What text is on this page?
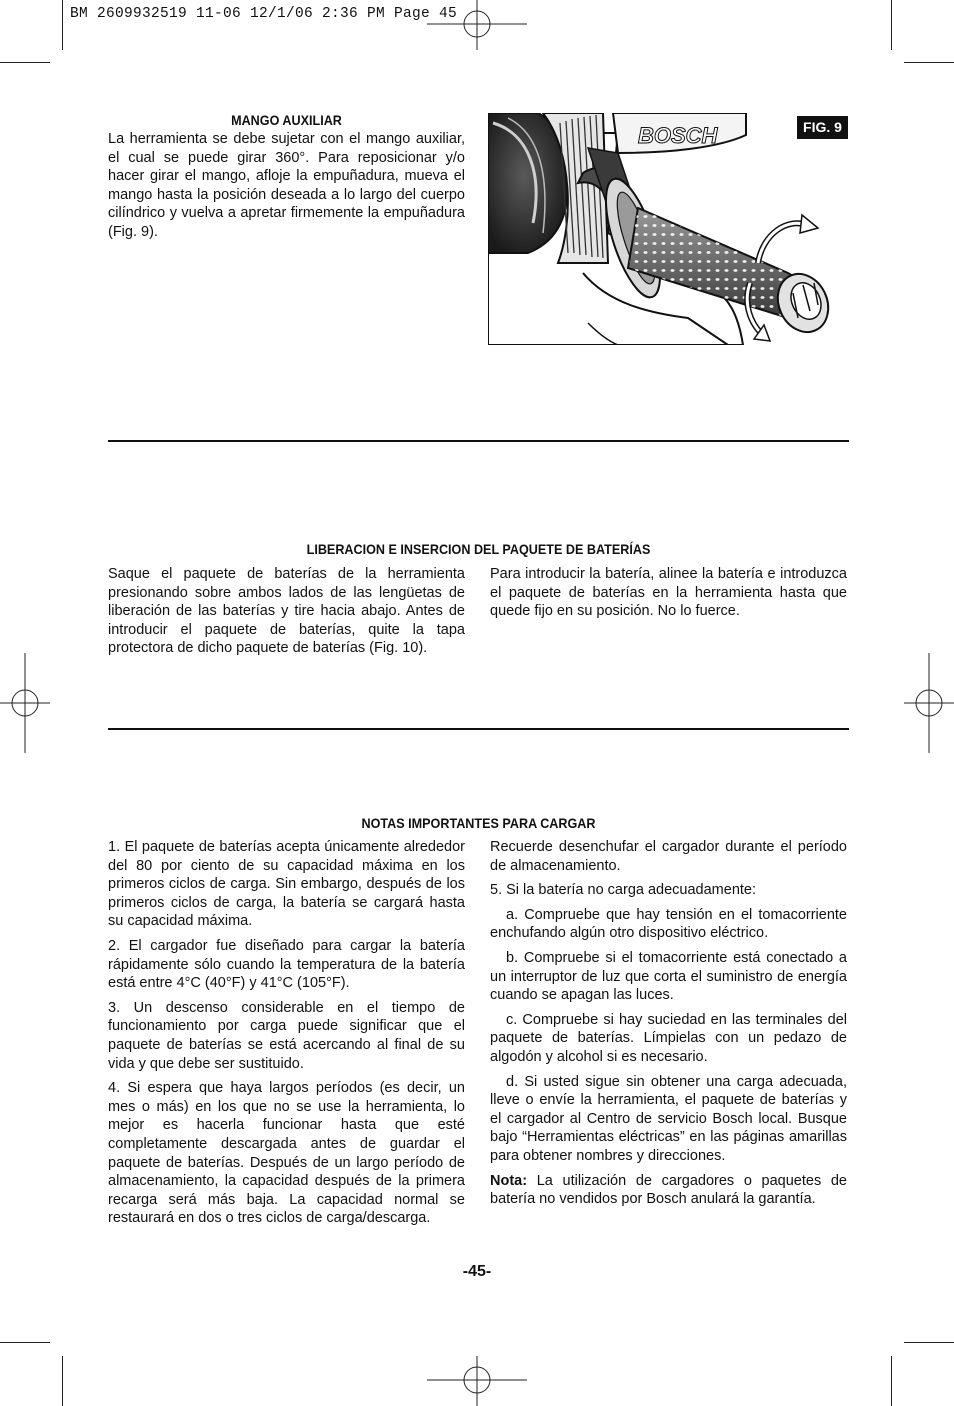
BM 2609932519 11-06 12/1/06 2:36 PM Page 45
MANGO AUXILIAR

La herramienta se debe sujetar con el mango auxiliar, el cual se puede girar 360°. Para reposicionar y/o hacer girar el mango, afloje la empuñadura, mueva el mango hasta la posición deseada a lo largo del cuerpo cilíndrico y vuelva a apretar firmemente la empuñadura (Fig. 9).

BOSCH	FIG. 9
LIBERACION E INSERCION DEL PAQUETE DE BATERÍAS

Saque el paquete de baterías de la herramienta presionando sobre ambos lados de las lengüetas de liberación de las baterías y tire hacia abajo. Antes de introducir el paquete de baterías, quite la tapa protectora de dicho paquete de baterías (Fig. 10).

Para introducir la batería, alinee la batería e introduzca el paquete de baterías en la herramienta hasta que quede fijo en su posición. No lo fuerce.

NOTAS IMPORTANTES PARA CARGAR

1. El paquete de baterías acepta únicamente alrededor del 80 por ciento de su capacidad máxima en los primeros ciclos de carga. Sin embargo, después de los primeros ciclos de carga, la batería se cargará hasta su capacidad máxima.

2. El cargador fue diseñado para cargar la batería rápidamente sólo cuando la temperatura de la batería está entre 4°C (40°F) y 41°C (105°F).

3. Un descenso considerable en el tiempo de funcionamiento por carga puede significar que el paquete de baterías se está acercando al final de su vida y que debe ser sustituido.

4. Si espera que haya largos períodos (es decir, un mes o más) en los que no se use la herramienta, lo mejor es hacerla funcionar hasta que esté completamente descargada antes de guardar el paquete de baterías. Después de un largo período de almacenamiento, la capacidad después de la primera recarga será más baja. La capacidad normal se restaurará en dos o tres ciclos de carga/descarga.

Recuerde desenchufar el cargador durante el período de almacenamiento.

5. Si la batería no carga adecuadamente:

a. Compruebe que hay tensión en el tomacorriente enchufando algún otro dispositivo eléctrico.

b. Compruebe si el tomacorriente está conectado a un interruptor de luz que corta el suministro de energía cuando se apagan las luces.

c. Compruebe si hay suciedad en las terminales del paquete de baterías. Límpielas con un pedazo de algodón y alcohol si es necesario.

d. Si usted sigue sin obtener una carga adecuada, lleve o envíe la herramienta, el paquete de baterías y el cargador al Centro de servicio Bosch local. Busque bajo “Herramientas eléctricas” en las páginas amarillas para obtener nombres y direcciones.

Nota: La utilización de cargadores o paquetes de batería no vendidos por Bosch anulará la garantía.

-45-
